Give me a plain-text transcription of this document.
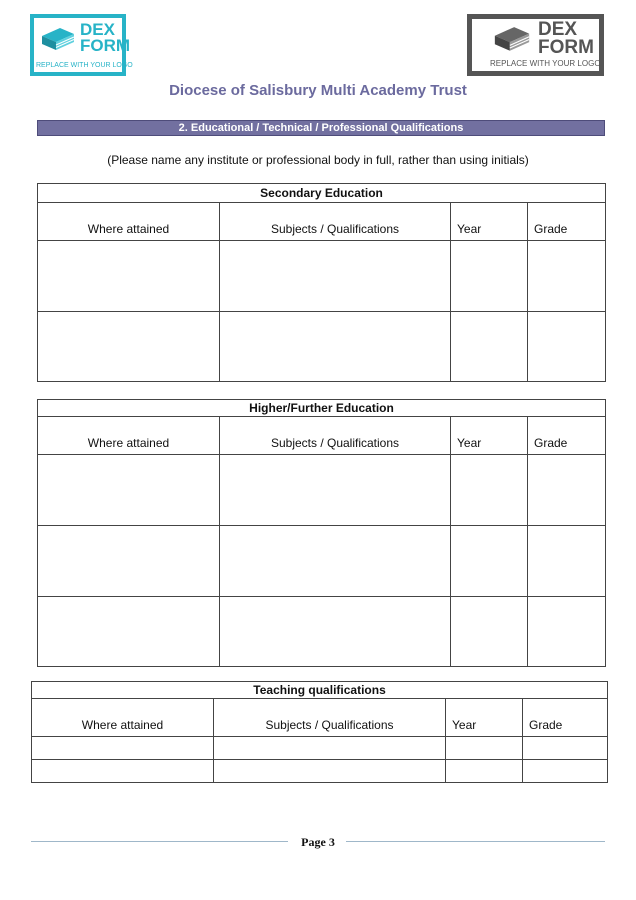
DEX
FORM
REPLACE WITH YOUR LOGO
DEX
FORM
REPLACE WITH YOUR LOGO
Diocese of Salisbury Multi Academy Trust
2. Educational / Technical / Professional Qualifications
(Please name any institute or professional body in full, rather than using initials)
Secondary Education			
Where attained	Subjects / Qualifications	Year	Grade

Higher/Further Education			
Where attained	Subjects / Qualifications	Year	Grade

Teaching qualifications			
Where attained	Subjects / Qualifications	Year	Grade

Page 3
